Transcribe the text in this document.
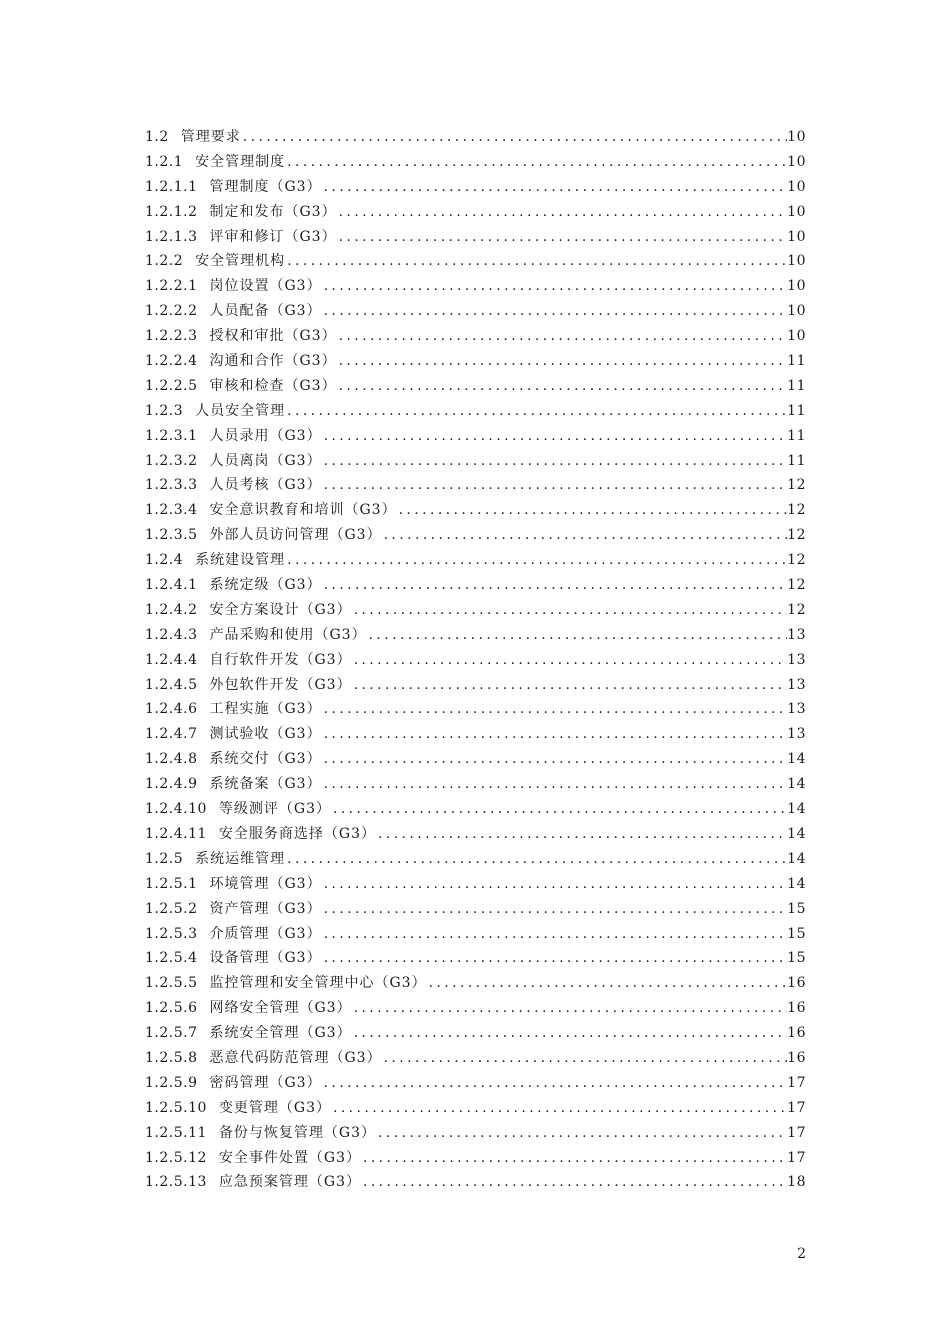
1.2 管理要求 .....	10
1.2.1 安全管理制度 .....	10
1.2.1.1 管理制度（G3） .....	10
1.2.1.2 制定和发布（G3） .....	10
1.2.1.3 评审和修订（G3） .....	10
1.2.2 安全管理机构 .....	10
1.2.2.1 岗位设置（G3） .....	10
1.2.2.2 人员配备（G3） .....	10
1.2.2.3 授权和审批（G3） .....	10
1.2.2.4 沟通和合作（G3） .....	11
1.2.2.5 审核和检查（G3） .....	11
1.2.3 人员安全管理 .....	11
1.2.3.1 人员录用（G3） .....	11
1.2.3.2 人员离岗（G3） .....	11
1.2.3.3 人员考核（G3） .....	12
1.2.3.4 安全意识教育和培训（G3） .....	12
1.2.3.5 外部人员访问管理（G3） .....	12
1.2.4 系统建设管理 .....	12
1.2.4.1 系统定级（G3） .....	12
1.2.4.2 安全方案设计（G3） .....	12
1.2.4.3 产品采购和使用（G3） .....	13
1.2.4.4 自行软件开发（G3） .....	13
1.2.4.5 外包软件开发（G3） .....	13
1.2.4.6 工程实施（G3） .....	13
1.2.4.7 测试验收（G3） .....	13
1.2.4.8 系统交付（G3） .....	14
1.2.4.9 系统备案（G3） .....	14
1.2.4.10 等级测评（G3） .....	14
1.2.4.11 安全服务商选择（G3） .....	14
1.2.5 系统运维管理 .....	14
1.2.5.1 环境管理（G3） .....	14
1.2.5.2 资产管理（G3） .....	15
1.2.5.3 介质管理（G3） .....	15
1.2.5.4 设备管理（G3） .....	15
1.2.5.5 监控管理和安全管理中心（G3） .....	16
1.2.5.6 网络安全管理（G3） .....	16
1.2.5.7 系统安全管理（G3） .....	16
1.2.5.8 恶意代码防范管理（G3） .....	16
1.2.5.9 密码管理（G3） .....	17
1.2.5.10 变更管理（G3） .....	17
1.2.5.11 备份与恢复管理（G3） .....	17
1.2.5.12 安全事件处置（G3） .....	17
1.2.5.13 应急预案管理（G3） .....	18
2
